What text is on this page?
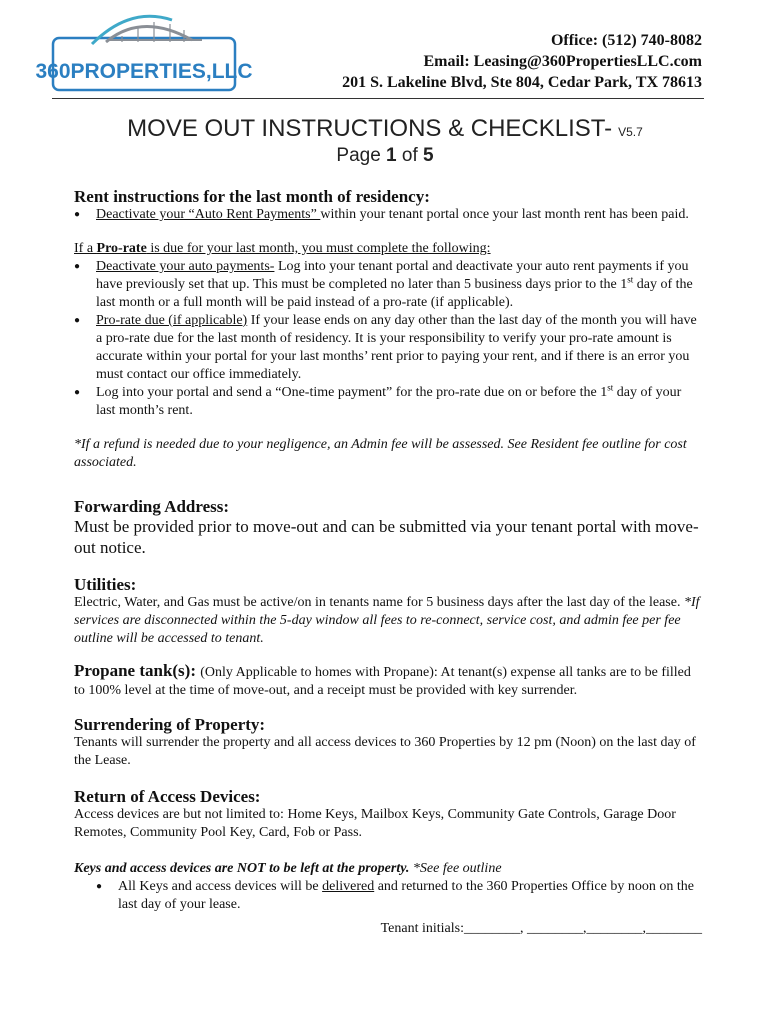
360PROPERTIES,LLC
Office: (512) 740-8082
Email: Leasing@360PropertiesLLC.com
201 S. Lakeline Blvd, Ste 804, Cedar Park, TX 78613
MOVE OUT INSTRUCTIONS & CHECKLIST- V5.7
Page 1 of 5
Rent instructions for the last month of residency:
● Deactivate your “Auto Rent Payments” within your tenant portal once your last month rent has been paid.
If a Pro-rate is due for your last month, you must complete the following:
● Deactivate your auto payments- Log into your tenant portal and deactivate your auto rent payments if you have previously set that up. This must be completed no later than 5 business days prior to the 1st day of the last month or a full month will be paid instead of a pro-rate (if applicable).
● Pro-rate due (if applicable) If your lease ends on any day other than the last day of the month you will have a pro-rate due for the last month of residency. It is your responsibility to verify your pro-rate amount is accurate within your portal for your last months’ rent prior to paying your rent, and if there is an error you must contact our office immediately.
● Log into your portal and send a “One-time payment” for the pro-rate due on or before the 1st day of your last month’s rent.
*If a refund is needed due to your negligence, an Admin fee will be assessed. See Resident fee outline for cost associated.
Forwarding Address:
Must be provided prior to move-out and can be submitted via your tenant portal with move-out notice.
Utilities:
Electric, Water, and Gas must be active/on in tenants name for 5 business days after the last day of the lease. *If services are disconnected within the 5-day window all fees to re-connect, service cost, and admin fee per fee outline will be accessed to tenant.
Propane tank(s): (Only Applicable to homes with Propane): At tenant(s) expense all tanks are to be filled to 100% level at the time of move-out, and a receipt must be provided with key surrender.
Surrendering of Property:
Tenants will surrender the property and all access devices to 360 Properties by 12 pm (Noon) on the last day of the Lease.
Return of Access Devices:
Access devices are but not limited to: Home Keys, Mailbox Keys, Community Gate Controls, Garage Door Remotes, Community Pool Key, Card, Fob or Pass.
Keys and access devices are NOT to be left at the property. *See fee outline
● All Keys and access devices will be delivered and returned to the 360 Properties Office by noon on the last day of your lease.
Tenant initials:________, ________,________,________
